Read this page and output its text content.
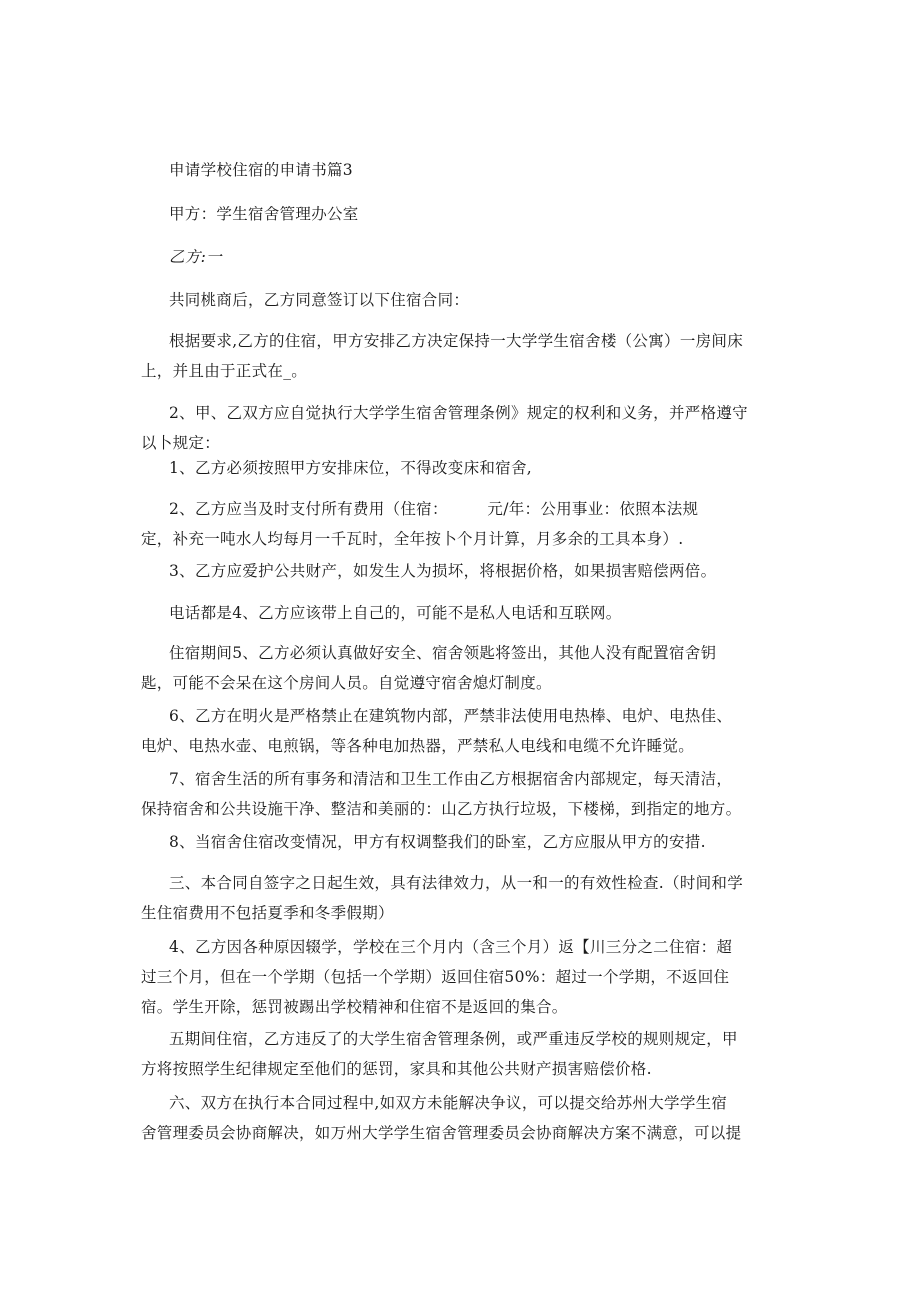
申请学校住宿的申请书篇3

甲方：学生宿舍管理办公室

乙方:一

共同桃商后，乙方同意签订以下住宿合同：

根据要求,乙方的住宿，甲方安排乙方决定保持一大学学生宿舍楼（公寓）一房间床
上，并且由于正式在_。

2、甲、乙双方应自觉执行大学学生宿舍管理条例》规定的权利和义务，并严格遵守
以卜规定：

1、乙方必须按照甲方安排床位，不得改变床和宿舍,

2、乙方应当及时支付所有费用（住宿：　　　元/年：公用事业：依照本法规
定，补充一吨水人均每月一千瓦时，全年按卜个月计算，月多余的工具本身）.

3、乙方应爱护公共财产，如发生人为损坏，将根据价格，如果损害赔偿两倍。

电话都是4、乙方应该带上自己的，可能不是私人电话和互联网。

住宿期间5、乙方必须认真做好安全、宿舍领匙将签出，其他人没有配置宿舍钥
匙，可能不会呆在这个房间人员。自觉遵守宿舍熄灯制度。

6、乙方在明火是严格禁止在建筑物内部，严禁非法使用电热棒、电炉、电热佳、
电炉、电热水壶、电煎锅，等各种电加热器，严禁私人电线和电缆不允许睡觉。

7、宿舍生活的所有事务和清洁和卫生工作由乙方根据宿舍内部规定，每天清洁，
保持宿舍和公共设施干净、整洁和美丽的：山乙方执行垃圾，下楼梯，到指定的地方。

8、当宿舍住宿改变情况，甲方有权调整我们的卧室，乙方应服从甲方的安措.

三、本合同自签字之日起生效，具有法律效力，从一和一的有效性检查.（时间和学
生住宿费用不包括夏季和冬季假期）

4、乙方因各种原因辍学，学校在三个月内（含三个月）返【川三分之二住宿：超
过三个月，但在一个学期（包括一个学期）返回住宿50%：超过一个学期，不返回住
宿。学生开除，惩罚被踢出学校精神和住宿不是返回的集合。

五期间住宿，乙方违反了的大学生宿舍管理条例，或严重违反学校的规则规定，甲
方将按照学生纪律规定至他们的惩罚，家具和其他公共财产损害赔偿价格.

六、双方在执行本合同过程中,如双方未能解决争议，可以提交给苏州大学学生宿
舍管理委员会协商解决，如万州大学学生宿舍管理委员会协商解决方案不满意，可以提
